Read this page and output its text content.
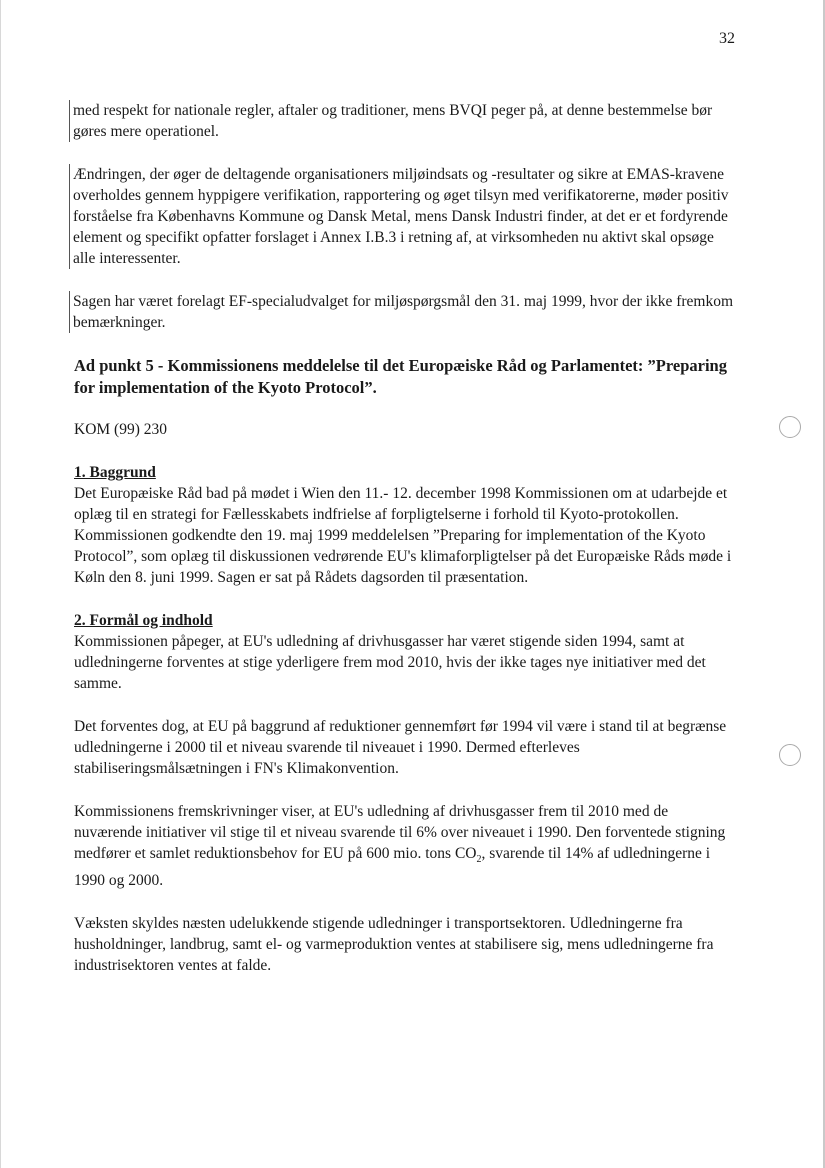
32

med respekt for nationale regler, aftaler og traditioner, mens BVQI peger på, at denne bestemmelse bør gøres mere operationel.

Ændringen, der øger de deltagende organisationers miljøindsats og -resultater og sikre at EMAS-kravene overholdes gennem hyppigere verifikation, rapportering og øget tilsyn med verifikatorerne, møder positiv forståelse fra Københavns Kommune og Dansk Metal, mens Dansk Industri finder, at det er et fordyrende element og specifikt opfatter forslaget i Annex I.B.3 i retning af, at virksomheden nu aktivt skal opsøge alle interessenter.

Sagen har været forelagt EF-specialudvalget for miljøspørgsmål den 31. maj 1999, hvor der ikke fremkom bemærkninger.

Ad punkt 5 - Kommissionens meddelelse til det Europæiske Råd og Parlamentet: ”Preparing for implementation of the Kyoto Protocol”.

KOM (99) 230

1. Baggrund

Det Europæiske Råd bad på mødet i Wien den 11.- 12. december 1998 Kommissionen om at udarbejde et oplæg til en strategi for Fællesskabets indfrielse af forpligtelserne i forhold til Kyoto-protokollen. Kommissionen godkendte den 19. maj 1999 meddelelsen ”Preparing for implementation of the Kyoto Protocol”, som oplæg til diskussionen vedrørende EU's klimaforpligtelser på det Europæiske Råds møde i Køln den 8. juni 1999. Sagen er sat på Rådets dagsorden til præsentation.

2. Formål og indhold

Kommissionen påpeger, at EU's udledning af drivhusgasser har været stigende siden 1994, samt at udledningerne forventes at stige yderligere frem mod 2010, hvis der ikke tages nye initiativer med det samme.

Det forventes dog, at EU på baggrund af reduktioner gennemført før 1994 vil være i stand til at begrænse udledningerne i 2000 til et niveau svarende til niveauet i 1990. Dermed efterleves stabiliseringsmålsætningen i FN's Klimakonvention.

Kommissionens fremskrivninger viser, at EU's udledning af drivhusgasser frem til 2010 med de nuværende initiativer vil stige til et niveau svarende til 6% over niveauet i 1990. Den forventede stigning medfører et samlet reduktionsbehov for EU på 600 mio. tons $CO_2$, svarende til 14% af udledningerne i 1990 og 2000.

Væksten skyldes næsten udelukkende stigende udledninger i transportsektoren. Udledningerne fra husholdninger, landbrug, samt el- og varmeproduktion ventes at stabilisere sig, mens udledningerne fra industrisektoren ventes at falde.
